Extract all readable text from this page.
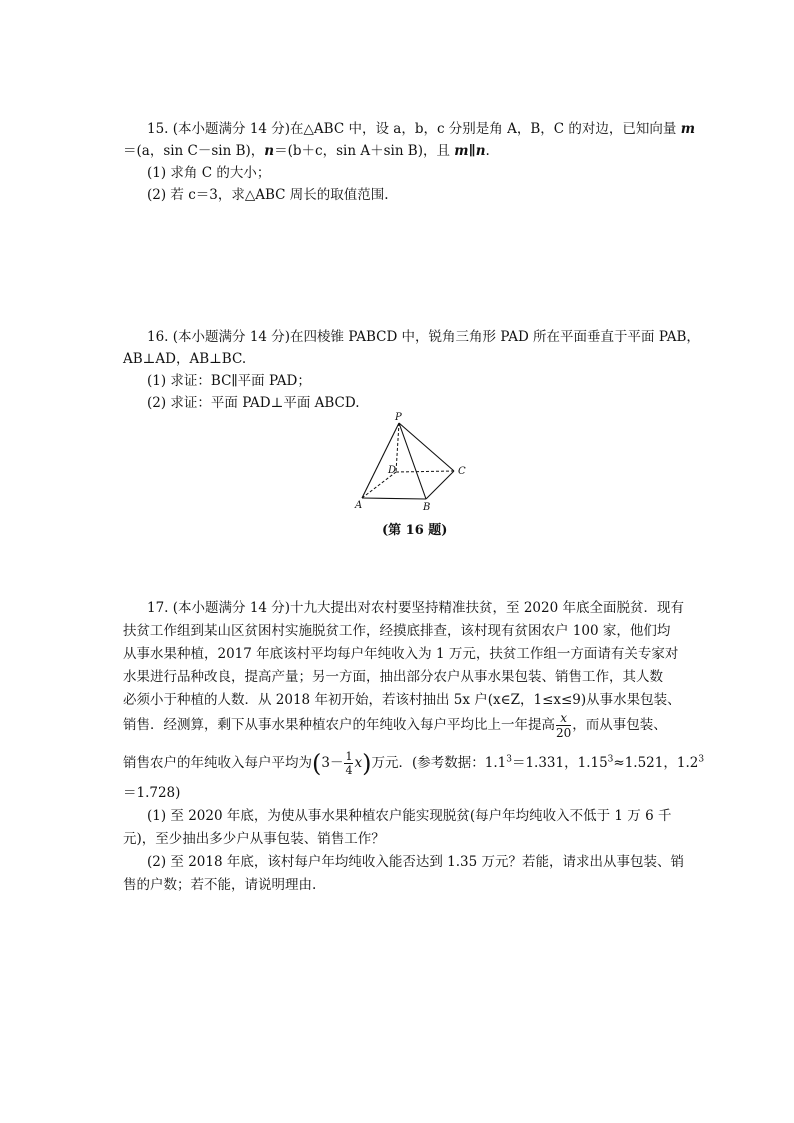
15. (本小题满分 14 分)在△ABC 中，设 a，b，c 分别是角 A，B，C 的对边，已知向量 m
＝(a，sin C－sin B)，n＝(b＋c，sin A＋sin B)，且 m∥n.
(1) 求角 C 的大小；
(2) 若 c＝3，求△ABC 周长的取值范围.
16. (本小题满分 14 分)在四棱锥 PABCD 中，锐角三角形 PAD 所在平面垂直于平面 PAB，
AB⊥AD，AB⊥BC.
(1) 求证：BC∥平面 PAD；
(2) 求证：平面 PAD⊥平面 ABCD.
P
D	C
A	B
(第 16 题)
17. (本小题满分 14 分)十九大提出对农村要坚持精准扶贫，至 2020 年底全面脱贫．现有
扶贫工作组到某山区贫困村实施脱贫工作，经摸底排查，该村现有贫困农户 100 家，他们均
从事水果种植，2017 年底该村平均每户年纯收入为 1 万元，扶贫工作组一方面请有关专家对
水果进行品种改良，提高产量；另一方面，抽出部分农户从事水果包装、销售工作，其人数
必须小于种植的人数．从 2018 年初开始，若该村抽出 5x 户(x∈Z，1≤x≤9)从事水果包装、
销售．经测算，剩下从事水果种植农户的年纯收入每户平均比上一年提高 $\frac{x}{20}$ ，而从事包装、
销售农户的年纯收入每户平均为$(3- \frac{1}{4} x)$万元．(参考数据：$1.1^3=1.331$，$1.15^3\approx 1.521$，$1.2^3$
＝1.728)
(1) 至 2020 年底，为使从事水果种植农户能实现脱贫(每户年均纯收入不低于 1 万 6 千
元)，至少抽出多少户从事包装、销售工作？
(2) 至 2018 年底，该村每户年均纯收入能否达到 1.35 万元？若能，请求出从事包装、销
售的户数；若不能，请说明理由.
